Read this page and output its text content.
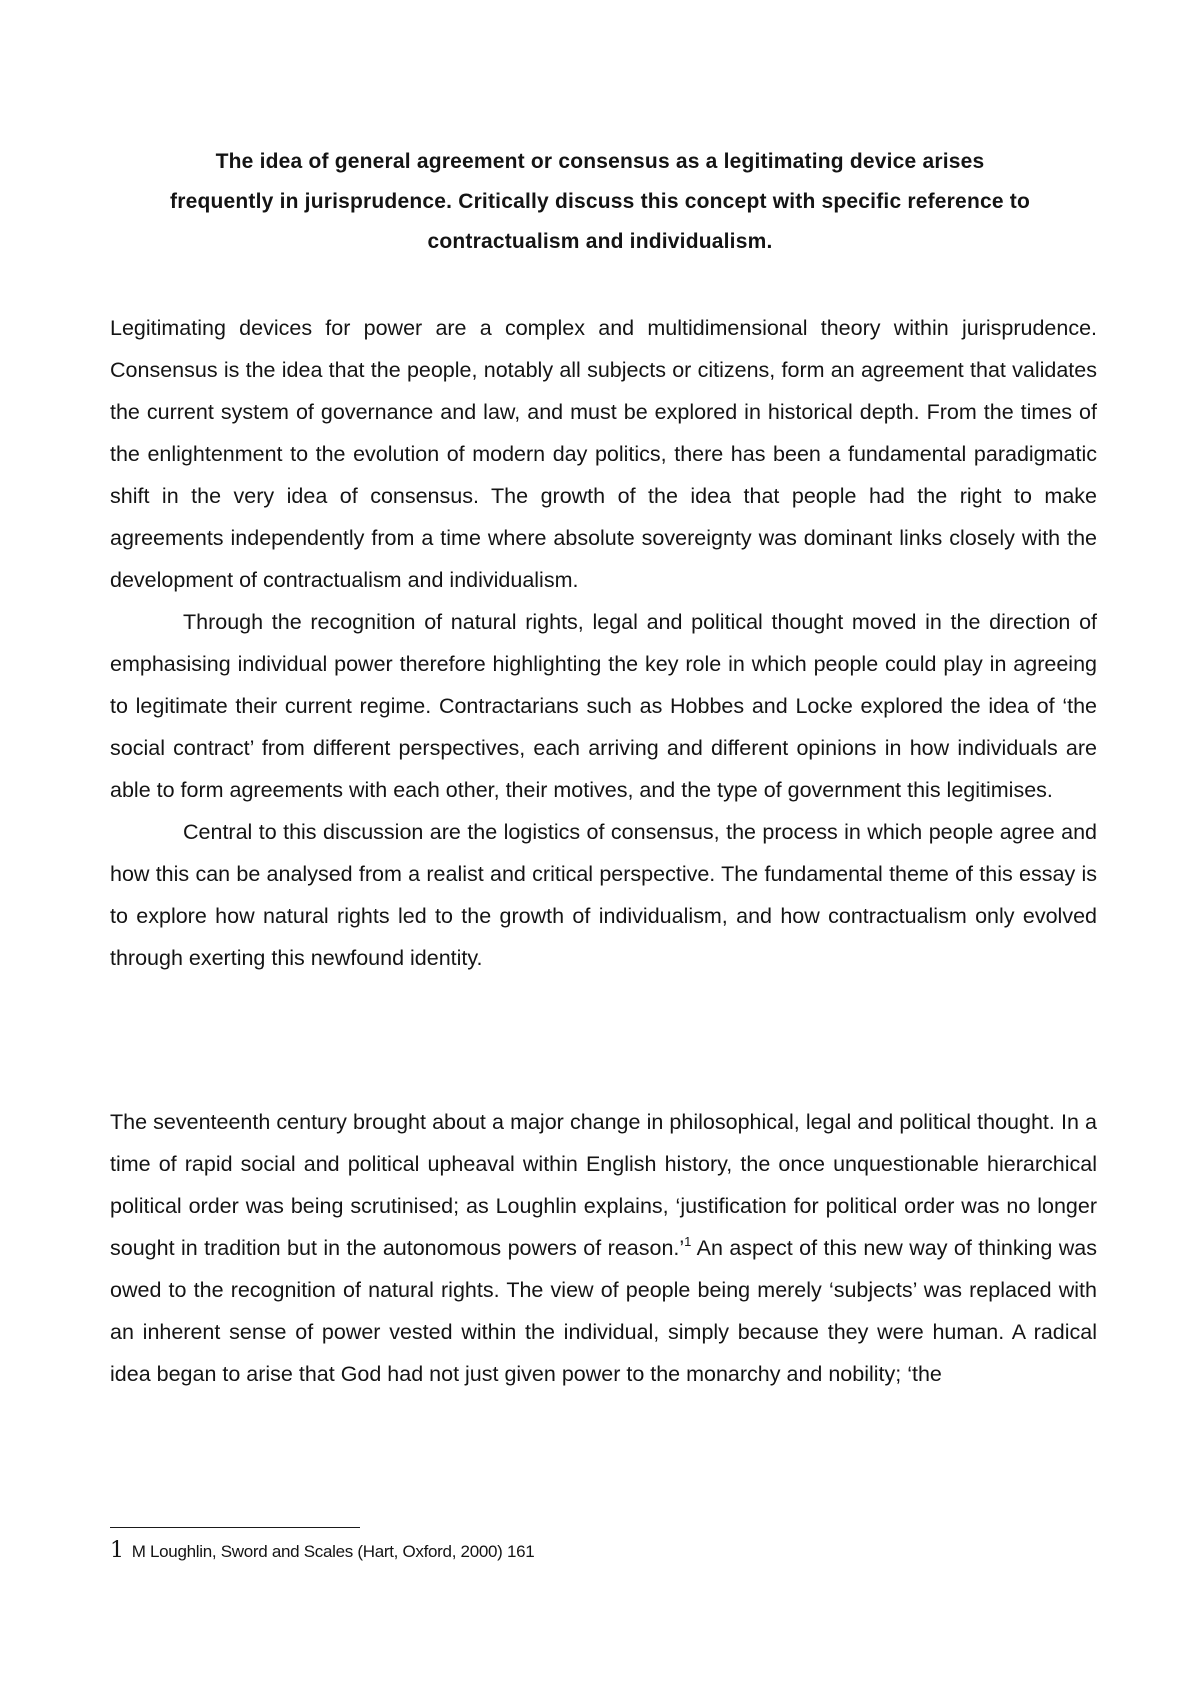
The idea of general agreement or consensus as a legitimating device arises
frequently in jurisprudence. Critically discuss this concept with specific reference to
contractualism and individualism.

Legitimating devices for power are a complex and multidimensional theory within jurisprudence. Consensus is the idea that the people, notably all subjects or citizens, form an agreement that validates the current system of governance and law, and must be explored in historical depth. From the times of the enlightenment to the evolution of modern day politics, there has been a fundamental paradigmatic shift in the very idea of consensus. The growth of the idea that people had the right to make agreements independently from a time where absolute sovereignty was dominant links closely with the development of contractualism and individualism.

Through the recognition of natural rights, legal and political thought moved in the direction of emphasising individual power therefore highlighting the key role in which people could play in agreeing to legitimate their current regime. Contractarians such as Hobbes and Locke explored the idea of ‘the social contract’ from different perspectives, each arriving and different opinions in how individuals are able to form agreements with each other, their motives, and the type of government this legitimises.

Central to this discussion are the logistics of consensus, the process in which people agree and how this can be analysed from a realist and critical perspective. The fundamental theme of this essay is to explore how natural rights led to the growth of individualism, and how contractualism only evolved through exerting this newfound identity.

The seventeenth century brought about a major change in philosophical, legal and political thought. In a time of rapid social and political upheaval within English history, the once unquestionable hierarchical political order was being scrutinised; as Loughlin explains, ‘justification for political order was no longer sought in tradition but in the autonomous powers of reason.’$^1$ An aspect of this new way of thinking was owed to the recognition of natural rights. The view of people being merely ‘subjects’ was replaced with an inherent sense of power vested within the individual, simply because they were human. A radical idea began to arise that God had not just given power to the monarchy and nobility; ‘the

1 M Loughlin, Sword and Scales (Hart, Oxford, 2000) 161
